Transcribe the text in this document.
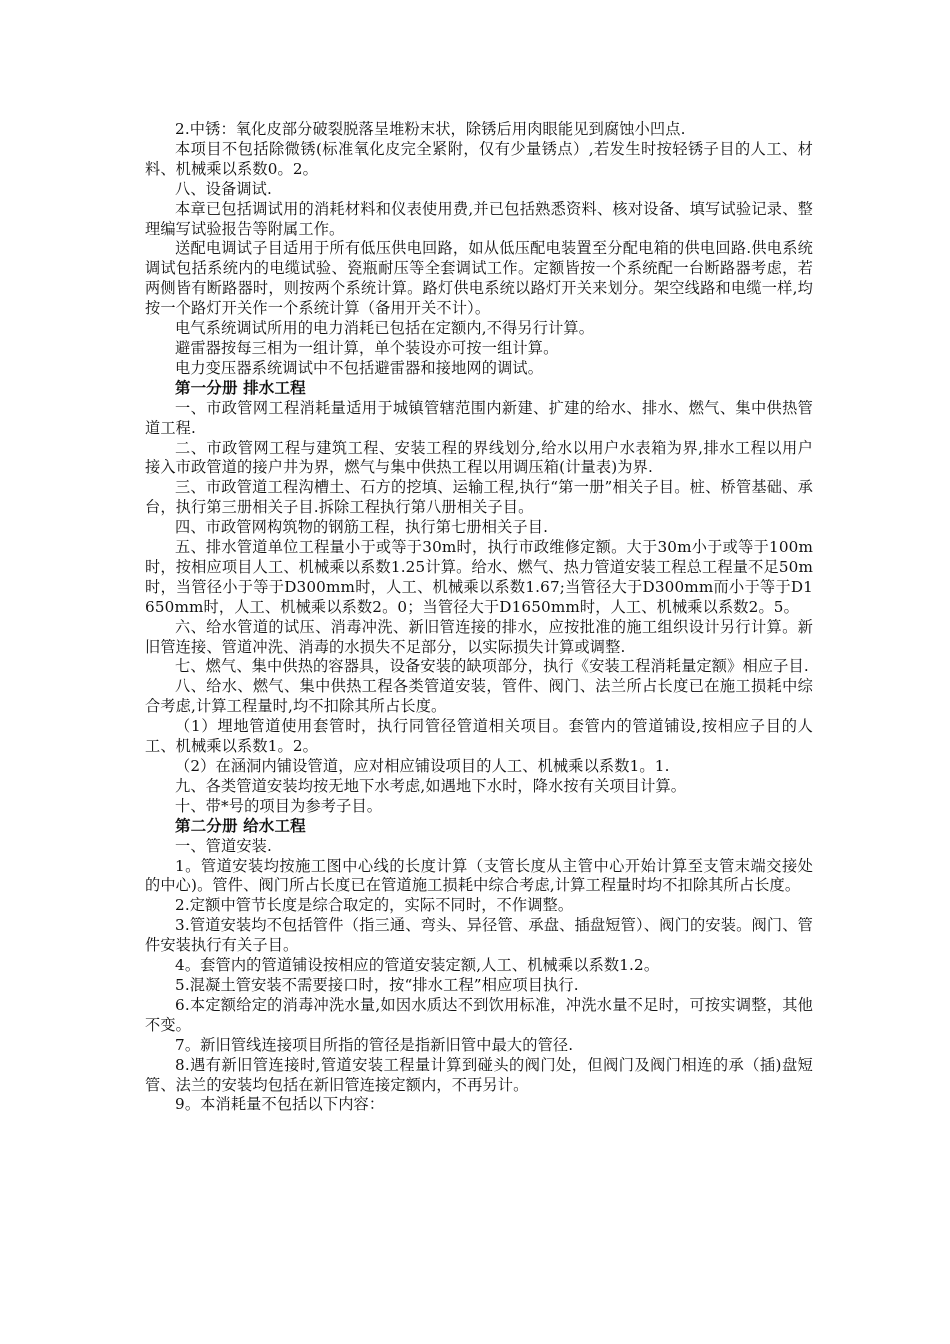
2.中锈：氧化皮部分破裂脱落呈堆粉末状，除锈后用肉眼能见到腐蚀小凹点.
本项目不包括除微锈(标准氧化皮完全紧附，仅有少量锈点）,若发生时按轻锈子目的人工、材料、机械乘以系数0。2。
八、设备调试.
本章已包括调试用的消耗材料和仪表使用费,并已包括熟悉资料、核对设备、填写试验记录、整理编写试验报告等附属工作。
送配电调试子目适用于所有低压供电回路，如从低压配电装置至分配电箱的供电回路.供电系统调试包括系统内的电缆试验、瓷瓶耐压等全套调试工作。定额皆按一个系统配一台断路器考虑，若两侧皆有断路器时，则按两个系统计算。路灯供电系统以路灯开关来划分。架空线路和电缆一样,均按一个路灯开关作一个系统计算（备用开关不计）。
电气系统调试所用的电力消耗已包括在定额内,不得另行计算。
避雷器按每三相为一组计算，单个装设亦可按一组计算。
电力变压器系统调试中不包括避雷器和接地网的调试。
第一分册 排水工程
一、市政管网工程消耗量适用于城镇管辖范围内新建、扩建的给水、排水、燃气、集中供热管道工程.
二、市政管网工程与建筑工程、安装工程的界线划分,给水以用户水表箱为界,排水工程以用户接入市政管道的接户井为界，燃气与集中供热工程以用调压箱(计量表)为界.
三、市政管道工程沟槽土、石方的挖填、运输工程,执行“第一册”相关子目。桩、桥管基础、承台，执行第三册相关子目.拆除工程执行第八册相关子目。
四、市政管网构筑物的钢筋工程，执行第七册相关子目.
五、排水管道单位工程量小于或等于30m时，执行市政维修定额。大于30m小于或等于100m时，按相应项目人工、机械乘以系数1.25计算。给水、燃气、热力管道安装工程总工程量不足50m时，当管径小于等于D300mm时，人工、机械乘以系数1.67;当管径大于D300mm而小于等于D1650mm时，人工、机械乘以系数2。0；当管径大于D1650mm时，人工、机械乘以系数2。5。
六、给水管道的试压、消毒冲洗、新旧管连接的排水，应按批准的施工组织设计另行计算。新旧管连接、管道冲洗、消毒的水损失不足部分，以实际损失计算或调整.
七、燃气、集中供热的容器具，设备安装的缺项部分，执行《安装工程消耗量定额》相应子目.
八、给水、燃气、集中供热工程各类管道安装，管件、阀门、法兰所占长度已在施工损耗中综合考虑,计算工程量时,均不扣除其所占长度。
（1）埋地管道使用套管时，执行同管径管道相关项目。套管内的管道铺设,按相应子目的人工、机械乘以系数1。2。
（2）在涵洞内铺设管道，应对相应铺设项目的人工、机械乘以系数1。1.
九、各类管道安装均按无地下水考虑,如遇地下水时，降水按有关项目计算。
十、带*号的项目为参考子目。
第二分册 给水工程
一、管道安装.
1。管道安装均按施工图中心线的长度计算（支管长度从主管中心开始计算至支管末端交接处的中心)。管件、阀门所占长度已在管道施工损耗中综合考虑,计算工程量时均不扣除其所占长度。
2.定额中管节长度是综合取定的，实际不同时，不作调整。
3.管道安装均不包括管件（指三通、弯头、异径管、承盘、插盘短管）、阀门的安装。阀门、管件安装执行有关子目。
4。套管内的管道铺设按相应的管道安装定额,人工、机械乘以系数1.2。
5.混凝土管安装不需要接口时，按“排水工程”相应项目执行.
6.本定额给定的消毒冲洗水量,如因水质达不到饮用标准，冲洗水量不足时，可按实调整，其他不变。
7。新旧管线连接项目所指的管径是指新旧管中最大的管径.
8.遇有新旧管连接时,管道安装工程量计算到碰头的阀门处，但阀门及阀门相连的承（插)盘短管、法兰的安装均包括在新旧管连接定额内，不再另计。
9。本消耗量不包括以下内容：
